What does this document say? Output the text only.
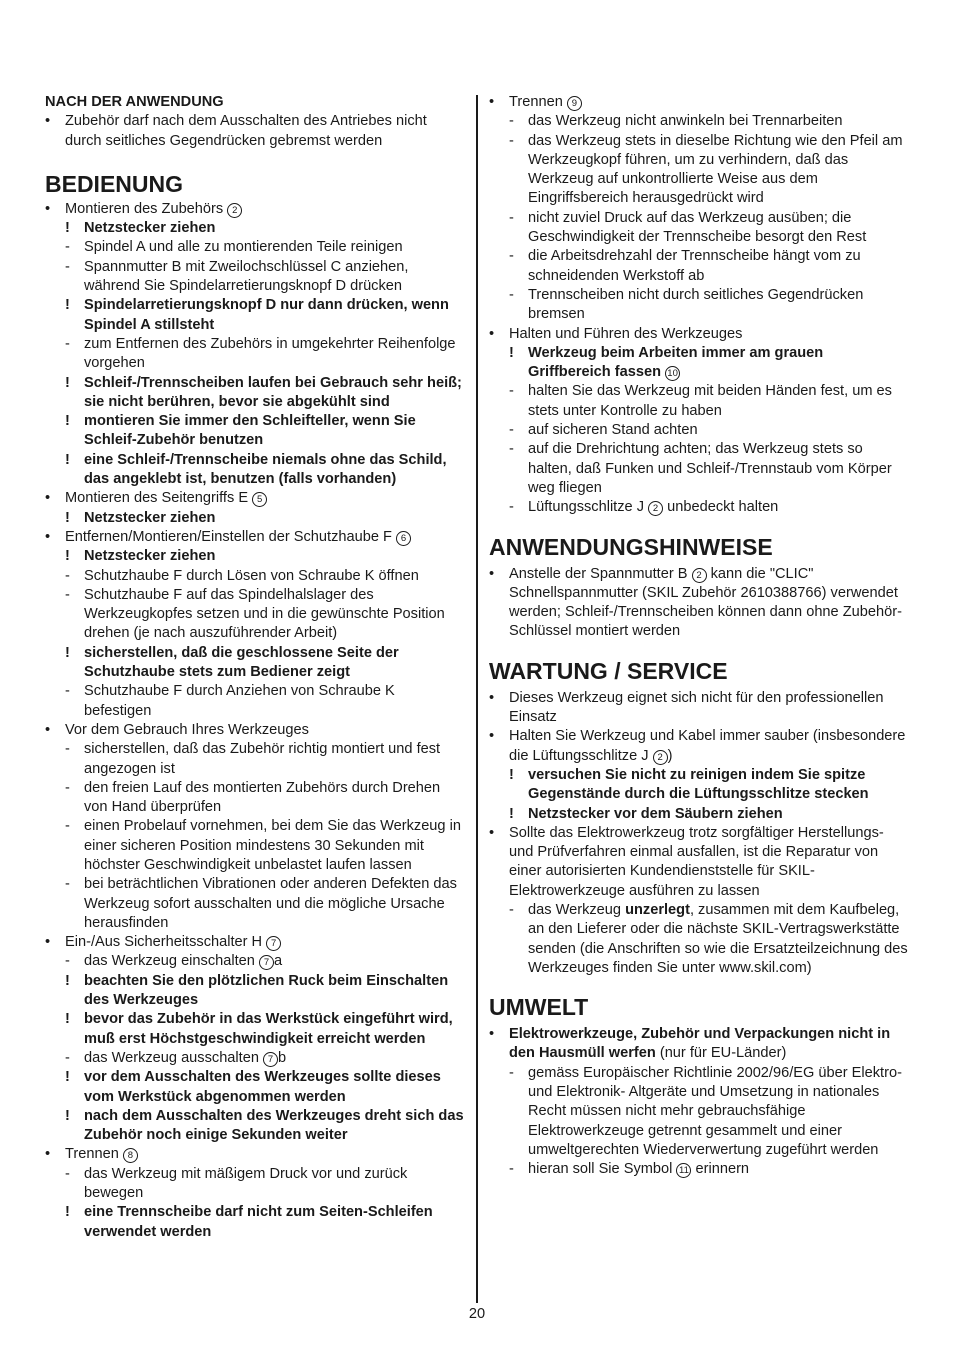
NACH DER ANWENDUNG

• Zubehör darf nach dem Ausschalten des Antriebes nicht durch seitliches Gegendrücken gebremst werden
BEDIENUNG
• Montieren des Zubehörs 2
! Netzstecker ziehen
- Spindel A und alle zu montierenden Teile reinigen
- Spannmutter B mit Zweilochschlüssel C anziehen, während Sie Spindelarretierungsknopf D drücken
! Spindelarretierungsknopf D nur dann drücken, wenn Spindel A stillsteht
- zum Entfernen des Zubehörs in umgekehrter Reihenfolge vorgehen
! Schleif-/Trennscheiben laufen bei Gebrauch sehr heiß; sie nicht berühren, bevor sie abgekühlt sind
! montieren Sie immer den Schleifteller, wenn Sie Schleif-Zubehör benutzen
! eine Schleif-/Trennscheibe niemals ohne das Schild, das angeklebt ist, benutzen (falls vorhanden)
• Montieren des Seitengriffs E 5
! Netzstecker ziehen
• Entfernen/Montieren/Einstellen der Schutzhaube F 6
! Netzstecker ziehen
- Schutzhaube F durch Lösen von Schraube K öffnen
- Schutzhaube F auf das Spindelhalslager des Werkzeugkopfes setzen und in die gewünschte Position drehen (je nach auszuführender Arbeit)
! sicherstellen, daß die geschlossene Seite der Schutzhaube stets zum Bediener zeigt
- Schutzhaube F durch Anziehen von Schraube K befestigen
• Vor dem Gebrauch Ihres Werkzeuges
- sicherstellen, daß das Zubehör richtig montiert und fest angezogen ist
- den freien Lauf des montierten Zubehörs durch Drehen von Hand überprüfen
- einen Probelauf vornehmen, bei dem Sie das Werkzeug in einer sicheren Position mindestens 30 Sekunden mit höchster Geschwindigkeit unbelastet laufen lassen
- bei beträchtlichen Vibrationen oder anderen Defekten das Werkzeug sofort ausschalten und die mögliche Ursache herausfinden
• Ein-/Aus Sicherheitsschalter H 7
- das Werkzeug einschalten 7 a
! beachten Sie den plötzlichen Ruck beim Einschalten des Werkzeuges
! bevor das Zubehör in das Werkstück eingeführt wird, muß erst Höchstgeschwindigkeit erreicht werden
- das Werkzeug ausschalten 7 b
! vor dem Ausschalten des Werkzeuges sollte dieses vom Werkstück abgenommen werden
! nach dem Ausschalten des Werkzeuges dreht sich das Zubehör noch einige Sekunden weiter
• Trennen 8
- das Werkzeug mit mäßigem Druck vor und zurück bewegen
! eine Trennscheibe darf nicht zum Seiten-Schleifen verwendet werden
• Trennen 9
- das Werkzeug nicht anwinkeln bei Trennarbeiten
- das Werkzeug stets in dieselbe Richtung wie den Pfeil am Werkzeugkopf führen, um zu verhindern, daß das Werkzeug auf unkontrollierte Weise aus dem Eingriffsbereich herausgedrückt wird
- nicht zuviel Druck auf das Werkzeug ausüben; die Geschwindigkeit der Trennscheibe besorgt den Rest
- die Arbeitsdrehzahl der Trennscheibe hängt vom zu schneidenden Werkstoff ab
- Trennscheiben nicht durch seitliches Gegendrücken bremsen
• Halten und Führen des Werkzeuges
! Werkzeug beim Arbeiten immer am grauen Griffbereich fassen 10
- halten Sie das Werkzeug mit beiden Händen fest, um es stets unter Kontrolle zu haben
- auf sicheren Stand achten
- auf die Drehrichtung achten; das Werkzeug stets so halten, daß Funken und Schleif-/Trennstaub vom Körper weg fliegen
- Lüftungsschlitze J 2 unbedeckt halten
ANWENDUNGSHINWEISE
• Anstelle der Spannmutter B 2 kann die "CLIC" Schnellspannmutter (SKIL Zubehör 2610388766) verwendet werden; Schleif-/Trennscheiben können dann ohne Zubehör-Schlüssel montiert werden
WARTUNG / SERVICE
• Dieses Werkzeug eignet sich nicht für den professionellen Einsatz
• Halten Sie Werkzeug und Kabel immer sauber (insbesondere die Lüftungsschlitze J 2 )
! versuchen Sie nicht zu reinigen indem Sie spitze Gegenstände durch die Lüftungsschlitze stecken
! Netzstecker vor dem Säubern ziehen
• Sollte das Elektrowerkzeug trotz sorgfältiger Herstellungs- und Prüfverfahren einmal ausfallen, ist die Reparatur von einer autorisierten Kundendienststelle für SKIL-Elektrowerkzeuge ausführen zu lassen
- das Werkzeug unzerlegt, zusammen mit dem Kaufbeleg, an den Lieferer oder die nächste SKIL-Vertragswerkstätte senden (die Anschriften so wie die Ersatzteilzeichnung des Werkzeuges finden Sie unter www.skil.com)
UMWELT
• Elektrowerkzeuge, Zubehör und Verpackungen nicht in den Hausmüll werfen (nur für EU-Länder)
- gemäss Europäischer Richtlinie 2002/96/EG über Elektro- und Elektronik- Altgeräte und Umsetzung in nationales Recht müssen nicht mehr gebrauchsfähige Elektrowerkzeuge getrennt gesammelt und einer umweltgerechten Wiederverwertung zugeführt werden
- hieran soll Sie Symbol 11 erinnern
20
